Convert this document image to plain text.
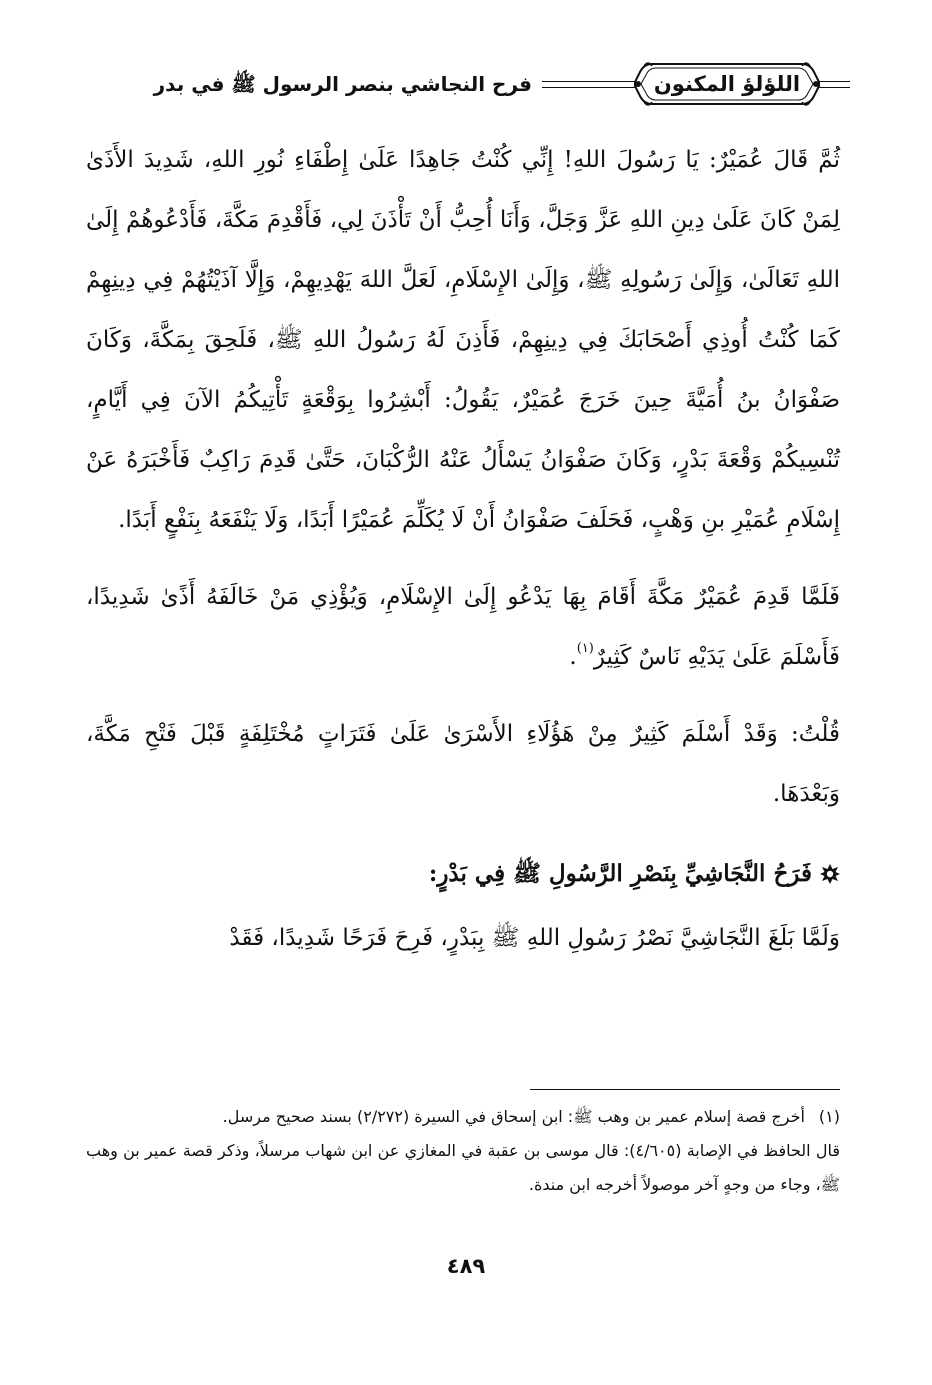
اللؤلؤ المكنون
فرح النجاشي بنصر الرسول ﷺ في بدر

ثُمَّ قَالَ عُمَيْرٌ: يَا رَسُولَ اللهِ! إِنِّي كُنْتُ جَاهِدًا عَلَىٰ إِطْفَاءِ نُورِ اللهِ، شَدِيدَ الأَذَىٰ لِمَنْ كَانَ عَلَىٰ دِينِ اللهِ عَزَّ وَجَلَّ، وَأَنَا أُحِبُّ أَنْ تَأْذَنَ لِي، فَأَقْدِمَ مَكَّةَ، فَأَدْعُوهُمْ إِلَىٰ اللهِ تَعَالَىٰ، وَإِلَىٰ رَسُولِهِ ﷺ، وَإِلَىٰ الإِسْلَامِ، لَعَلَّ اللهَ يَهْدِيهِمْ، وَإِلَّا آذَيْتُهُمْ فِي دِينِهِمْ كَمَا كُنْتُ أُوذِي أَصْحَابَكَ فِي دِينِهِمْ، فَأَذِنَ لَهُ رَسُولُ اللهِ ﷺ، فَلَحِقَ بِمَكَّةَ، وَكَانَ صَفْوَانُ بنُ أُمَيَّةَ حِينَ خَرَجَ عُمَيْرٌ، يَقُولُ: أَبْشِرُوا بِوَقْعَةٍ تَأْتِيكُمُ الآنَ فِي أَيَّامٍ، تُنْسِيكُمْ وَقْعَةَ بَدْرٍ، وَكَانَ صَفْوَانُ يَسْأَلُ عَنْهُ الرُّكْبَانَ، حَتَّىٰ قَدِمَ رَاكِبٌ فَأَخْبَرَهُ عَنْ إِسْلَامِ عُمَيْرِ بنِ وَهْبٍ، فَحَلَفَ صَفْوَانُ أَنْ لَا يُكَلِّمَ عُمَيْرًا أَبَدًا، وَلَا يَنْفَعَهُ بِنَفْعٍ أَبَدًا.

فَلَمَّا قَدِمَ عُمَيْرٌ مَكَّةَ أَقَامَ بِهَا يَدْعُو إِلَىٰ الإِسْلَامِ، وَيُؤْذِي مَنْ خَالَفَهُ أَذًىٰ شَدِيدًا، فَأَسْلَمَ عَلَىٰ يَدَيْهِ نَاسٌ كَثِيرٌ$^{(١)}$.

قُلْتُ: وَقَدْ أَسْلَمَ كَثِيرٌ مِنْ هَؤُلَاءِ الأَسْرَىٰ عَلَىٰ فَتَرَاتٍ مُخْتَلِفَةٍ قَبْلَ فَتْحِ مَكَّةَ، وَبَعْدَهَا.

فَرَحُ النَّجَاشِيِّ بِنَصْرِ الرَّسُولِ ﷺ فِي بَدْرٍ:

وَلَمَّا بَلَغَ النَّجَاشِيَّ نَصْرُ رَسُولِ اللهِ ﷺ بِبَدْرٍ، فَرِحَ فَرَحًا شَدِيدًا، فَقَدْ

(١)أخرج قصة إسلام عمير بن وهب ﷺ: ابن إسحاق في السيرة (٢/٢٧٢) بسند صحيح مرسل.

قال الحافظ في الإصابة (٤/٦٠٥): قال موسى بن عقبة في المغازي عن ابن شهاب مرسلاً، وذكر قصة عمير بن وهب ﷺ، وجاء من وجهٍ آخر موصولاً أخرجه ابن مندة.

٤٨٩
